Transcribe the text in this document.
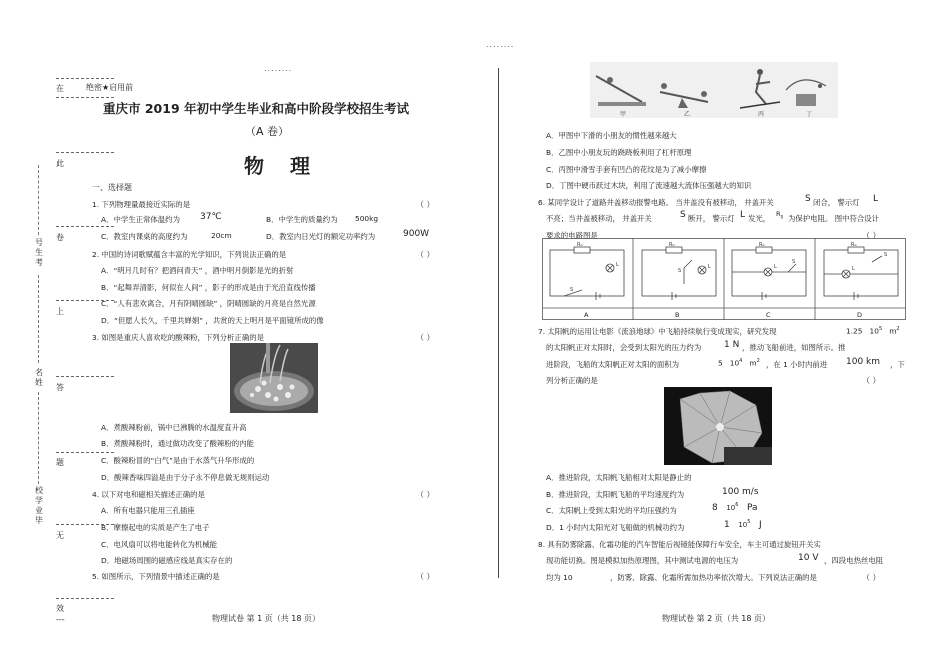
........
........
在
此
卷
上
答
题
无
效
---
号生考
名姓
校学业毕
绝密★启用前
重庆市 2019 年初中学生毕业和高中阶段学校招生考试
（A 卷）
物理
一、选择题
1. 下列物理量最接近实际的是	（ ）
A．中学生正常体温约为 37℃	B．中学生的质量约为 500kg
C．教室内课桌的高度约为	20cm	D．教室内日光灯的额定功率约为	900W
2. 中国的诗词歌赋蕴含丰富的光学知识，下列说法正确的是	（ ）
A．“明月几时有？把酒问青天” ，酒中明月倒影是光的折射
B．“起舞弄清影，何似在人间” ，影子的形成是由于光沿直线传播
C．“人有悲欢离合，月有阴晴圆缺” ，阴晴圆缺的月亮是自然光源
D．“但愿人长久，千里共婵娟” ，共赏的天上明月是平面镜所成的像
3. 如图是重庆人喜欢吃的酸辣粉，下列分析正确的是	（ ）
A．煮酸辣粉前，锅中已沸腾的水温度直升高
B．煮酸辣粉时，通过做功改变了酸辣粉的内能
C．酸辣粉冒的“白气”是由于水蒸气升华形成的
D．酸辣香味四溢是由于分子永不停息做无规则运动
4. 以下对电和磁相关描述正确的是	（ ）
A．所有电器只能用三孔插座
B．摩擦起电的实质是产生了电子
C．电风扇可以将电能转化为机械能
D．地磁场周围的磁感应线是真实存在的
5. 如图所示，下列情景中描述正确的是	（ ）
物理试卷 第 1 页（共 18 页）
甲	乙	丙	丁
A．甲图中下滑的小朋友的惯性越来越大
B．乙图中小朋友玩的跷跷板利用了杠杆原理
C．丙图中滑雪手套有凹凸的花纹是为了减小摩擦
D．丁图中硬币跃过木块，利用了流速越大流体压强越大的知识
6. 某同学设计了道路井盖移动报警电路。 当井盖没有被移动， 井盖开关	S 闭合， 警示灯 L
不亮；当井盖被移动， 井盖开关	S 断开， 警示灯 L 发光， $R_0$ 为保护电阻。 图中符合设计
要求的电路图是	（ ）
R₀	R₀	R₀	R₀
L
S
S
L
S
L
S
L
A	B	C	D
7. 太阳帆的运用让电影《流浪地球》中飞船持续航行变成现实，研究发现	1.25 $10^5$ $m^2$
的太阳帆正对太阳时，会受到太阳光的压力约为	1 N ，推动飞船前进，如图所示。推
进阶段，飞船的太阳帆正对太阳的面积为	5 $10^4$ $m^2$ ，在 1 小时内前进 100 km ，下
列分析正确的是	（ ）
A．推进阶段，太阳帆飞船相对太阳是静止的
B．推进阶段，太阳帆飞船的平均速度约为	100 m/s
C．太阳帆上受到太阳光的平均压强约为	8 $10^6$ Pa
D．1 小时内太阳光对飞船做的机械功约为	1 $10^5$ J
8. 具有防雾除露、化霜功能的汽车智能后视镜能保障行车安全，车主可通过旋钮开关实
现功能切换。图是模拟加热原理图，其中测试电源的电压为	10 V ，四段电热丝电阻
均为 10	，防雾、除露、化霜所需加热功率依次增大。下列说法正确的是	（ ）
物理试卷 第 2 页（共 18 页）
